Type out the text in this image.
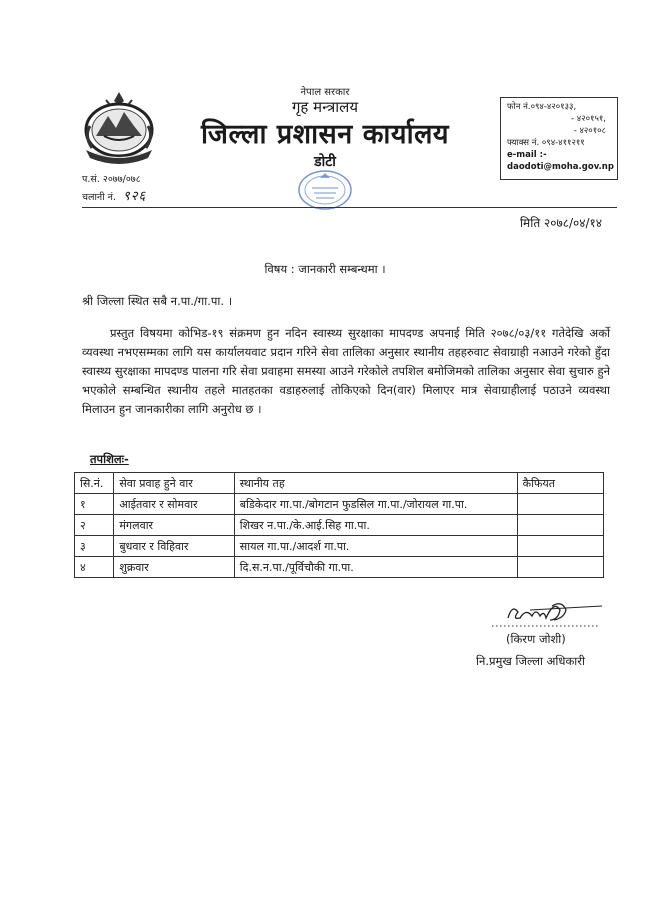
नेपाल सरकार
गृह मन्त्रालय
जिल्ला प्रशासन कार्यालय
डोटी
फोन नं.०९४-४२०१३३,
- ४२०१५१,
- ४२०१०८
फ्याक्स नं. ०९४-४११२११
e-mail :-
daodoti@moha.gov.np
प.सं. २०७७/०७८
चलानी नं. ९२६
मिति २०७८/०४/१४
विषय : जानकारी सम्बन्धमा ।
श्री जिल्ला स्थित सबै न.पा./गा.पा. ।
प्रस्तुत विषयमा कोभिड-१९ संक्रमण हुन नदिन स्वास्थ्य सुरक्षाका मापदण्ड अपनाई मिति २०७८/०३/११ गतेदेखि अर्को व्यवस्था नभएसम्मका लागि यस कार्यालयवाट प्रदान गरिने सेवा तालिका अनुसार स्थानीय तहहरुवाट सेवाग्राही नआउने गरेको हुँदा स्वास्थ्य सुरक्षाका मापदण्ड पालना गरि सेवा प्रवाहमा समस्या आउने गरेकोले तपशिल बमोजिमको तालिका अनुसार सेवा सुचारु हुने भएकोले सम्बन्धित स्थानीय तहले मातहतका वडाहरुलाई तोकिएको दिन(वार) मिलाएर मात्र सेवाग्राहीलाई पठाउने व्यवस्था मिलाउन हुन जानकारीका लागि अनुरोध छ ।
तपशिलः-
सि.नं.	सेवा प्रवाह हुने वार	स्थानीय तह	कैफियत
१	आईतवार र सोमवार	बडिकेदार गा.पा./बोगटान फुडसिल गा.पा./जोरायल गा.पा.	
२	मंगलवार	शिखर न.पा./के.आई.सिह गा.पा.	
३	बुधवार र विहिवार	सायल गा.पा./आदर्श गा.पा.	
४	शुक्रवार	दि.स.न.पा./पूर्विचौकी गा.पा.	
(किरण जोशी)
नि.प्रमुख जिल्ला अधिकारी
